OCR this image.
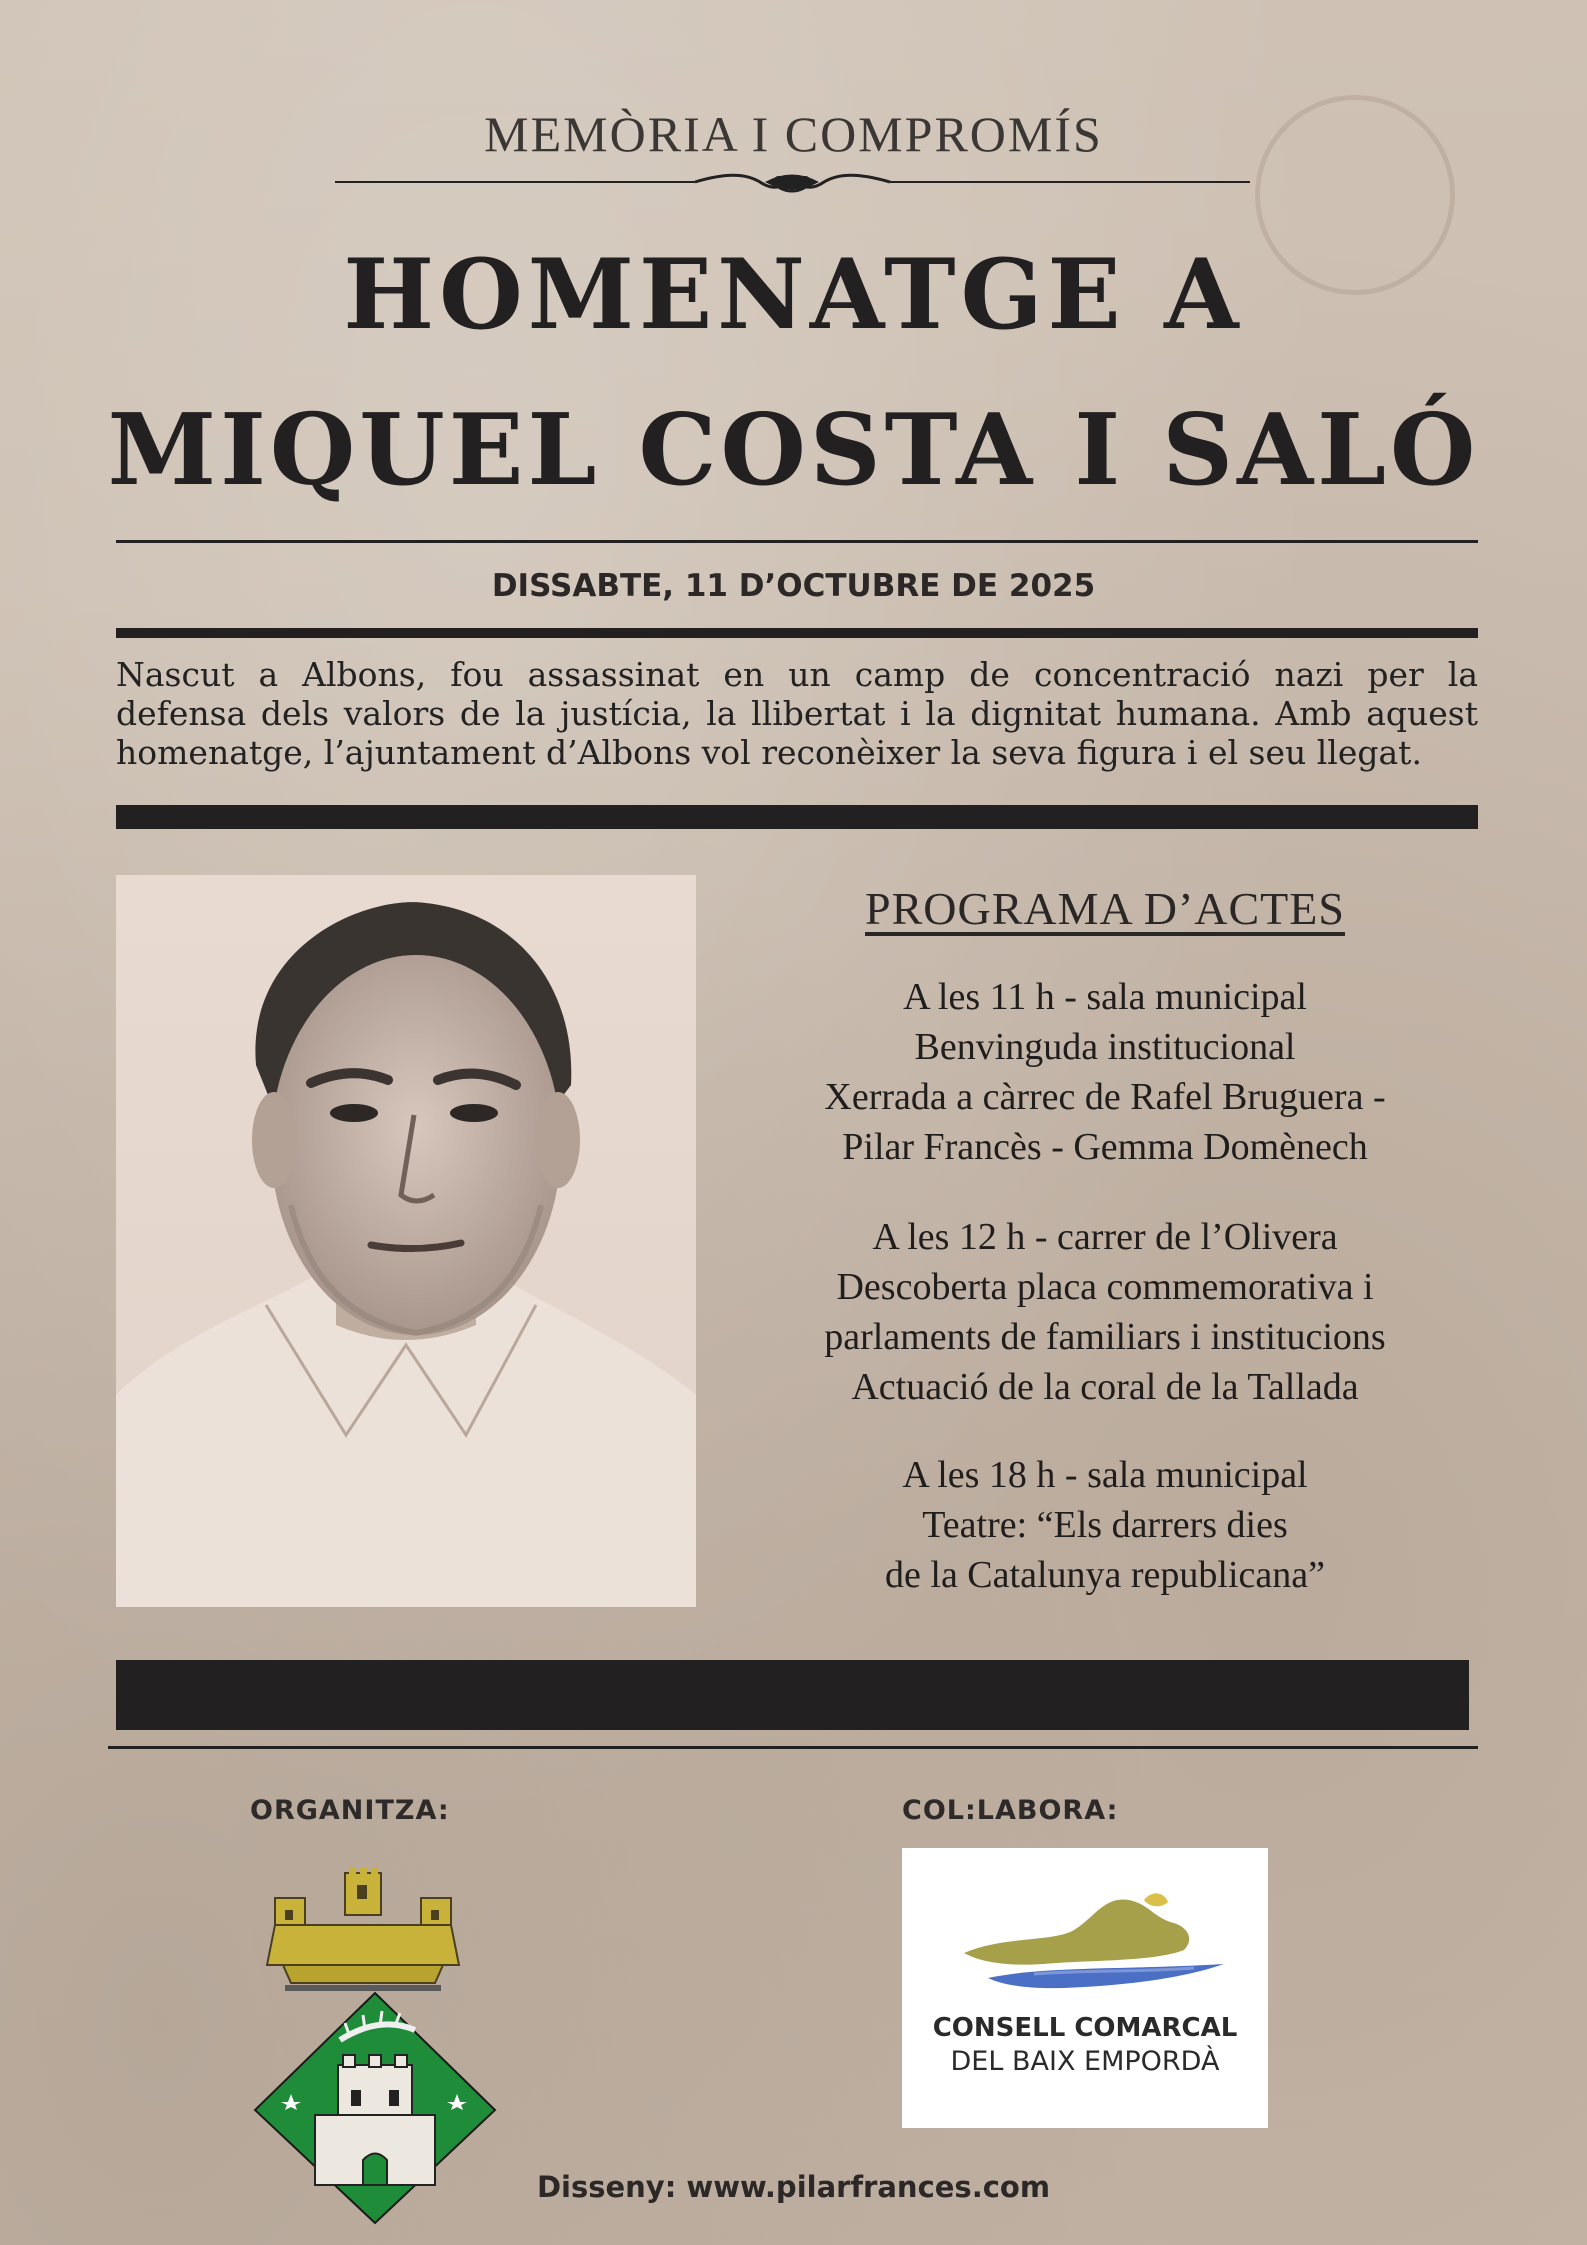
MEMÒRIA I COMPROMÍS
HOMENATGE A
MIQUEL COSTA I SALÓ
DISSABTE, 11 D’OCTUBRE DE 2025
Nascut a Albons, fou assassinat en un camp de concentració nazi per la
defensa dels valors de la justícia, la llibertat i la dignitat humana. Amb aquest
homenatge, l’ajuntament d’Albons vol reconèixer la seva figura i el seu llegat.
PROGRAMA D’ACTES
A les 11 h - sala municipal
Benvinguda institucional
Xerrada a càrrec de Rafel Bruguera -
Pilar Francès - Gemma Domènech
A les 12 h - carrer de l’Olivera
Descoberta placa commemorativa i
parlaments de familiars i institucions
Actuació de la coral de la Tallada
A les 18 h - sala municipal
Teatre: “Els darrers dies
de la Catalunya republicana”
ORGANITZA:	COL:LABORA:
CONSELL COMARCAL
DEL BAIX EMPORDÀ
Disseny: www.pilarfrances.com
